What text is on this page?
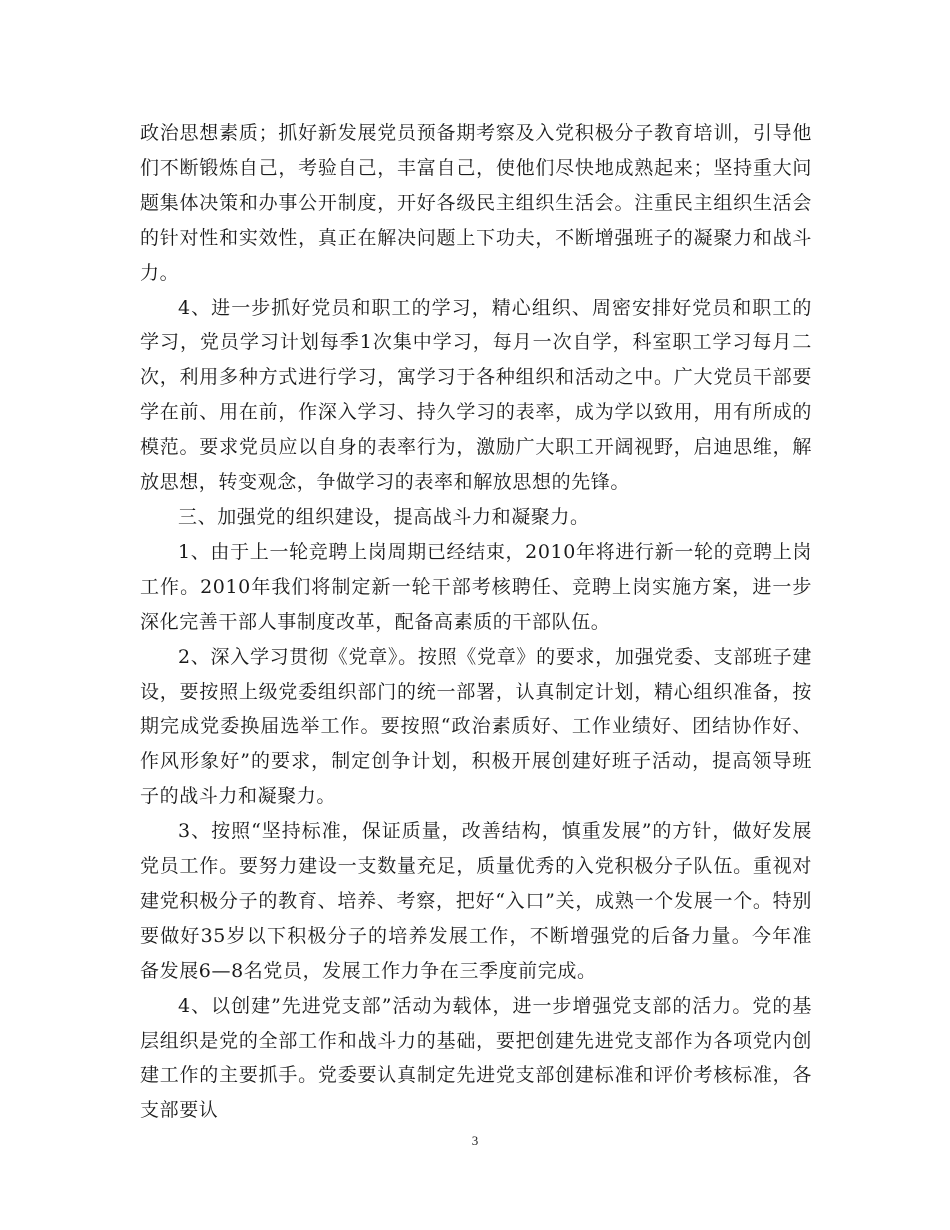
政治思想素质；抓好新发展党员预备期考察及入党积极分子教育培训，引导他们不断锻炼自己，考验自己，丰富自己，使他们尽快地成熟起来；坚持重大问题集体决策和办事公开制度，开好各级民主组织生活会。注重民主组织生活会的针对性和实效性，真正在解决问题上下功夫，不断增强班子的凝聚力和战斗力。

4、进一步抓好党员和职工的学习，精心组织、周密安排好党员和职工的学习，党员学习计划每季1次集中学习，每月一次自学，科室职工学习每月二次，利用多种方式进行学习，寓学习于各种组织和活动之中。广大党员干部要学在前、用在前，作深入学习、持久学习的表率，成为学以致用，用有所成的模范。要求党员应以自身的表率行为，激励广大职工开阔视野，启迪思维，解放思想，转变观念，争做学习的表率和解放思想的先锋。

三、加强党的组织建设，提高战斗力和凝聚力。

1、由于上一轮竞聘上岗周期已经结束，2010年将进行新一轮的竞聘上岗工作。2010年我们将制定新一轮干部考核聘任、竞聘上岗实施方案，进一步深化完善干部人事制度改革，配备高素质的干部队伍。

2、深入学习贯彻《党章》。按照《党章》的要求，加强党委、支部班子建设，要按照上级党委组织部门的统一部署，认真制定计划，精心组织准备，按期完成党委换届选举工作。要按照“政治素质好、工作业绩好、团结协作好、作风形象好”的要求，制定创争计划，积极开展创建好班子活动，提高领导班子的战斗力和凝聚力。

3、按照“坚持标准，保证质量，改善结构，慎重发展”的方针，做好发展党员工作。要努力建设一支数量充足，质量优秀的入党积极分子队伍。重视对建党积极分子的教育、培养、考察，把好“入口”关，成熟一个发展一个。特别要做好35岁以下积极分子的培养发展工作，不断增强党的后备力量。今年准备发展6—8名党员，发展工作力争在三季度前完成。

4、以创建”先进党支部”活动为载体，进一步增强党支部的活力。党的基层组织是党的全部工作和战斗力的基础，要把创建先进党支部作为各项党内创建工作的主要抓手。党委要认真制定先进党支部创建标准和评价考核标准，各支部要认

3
